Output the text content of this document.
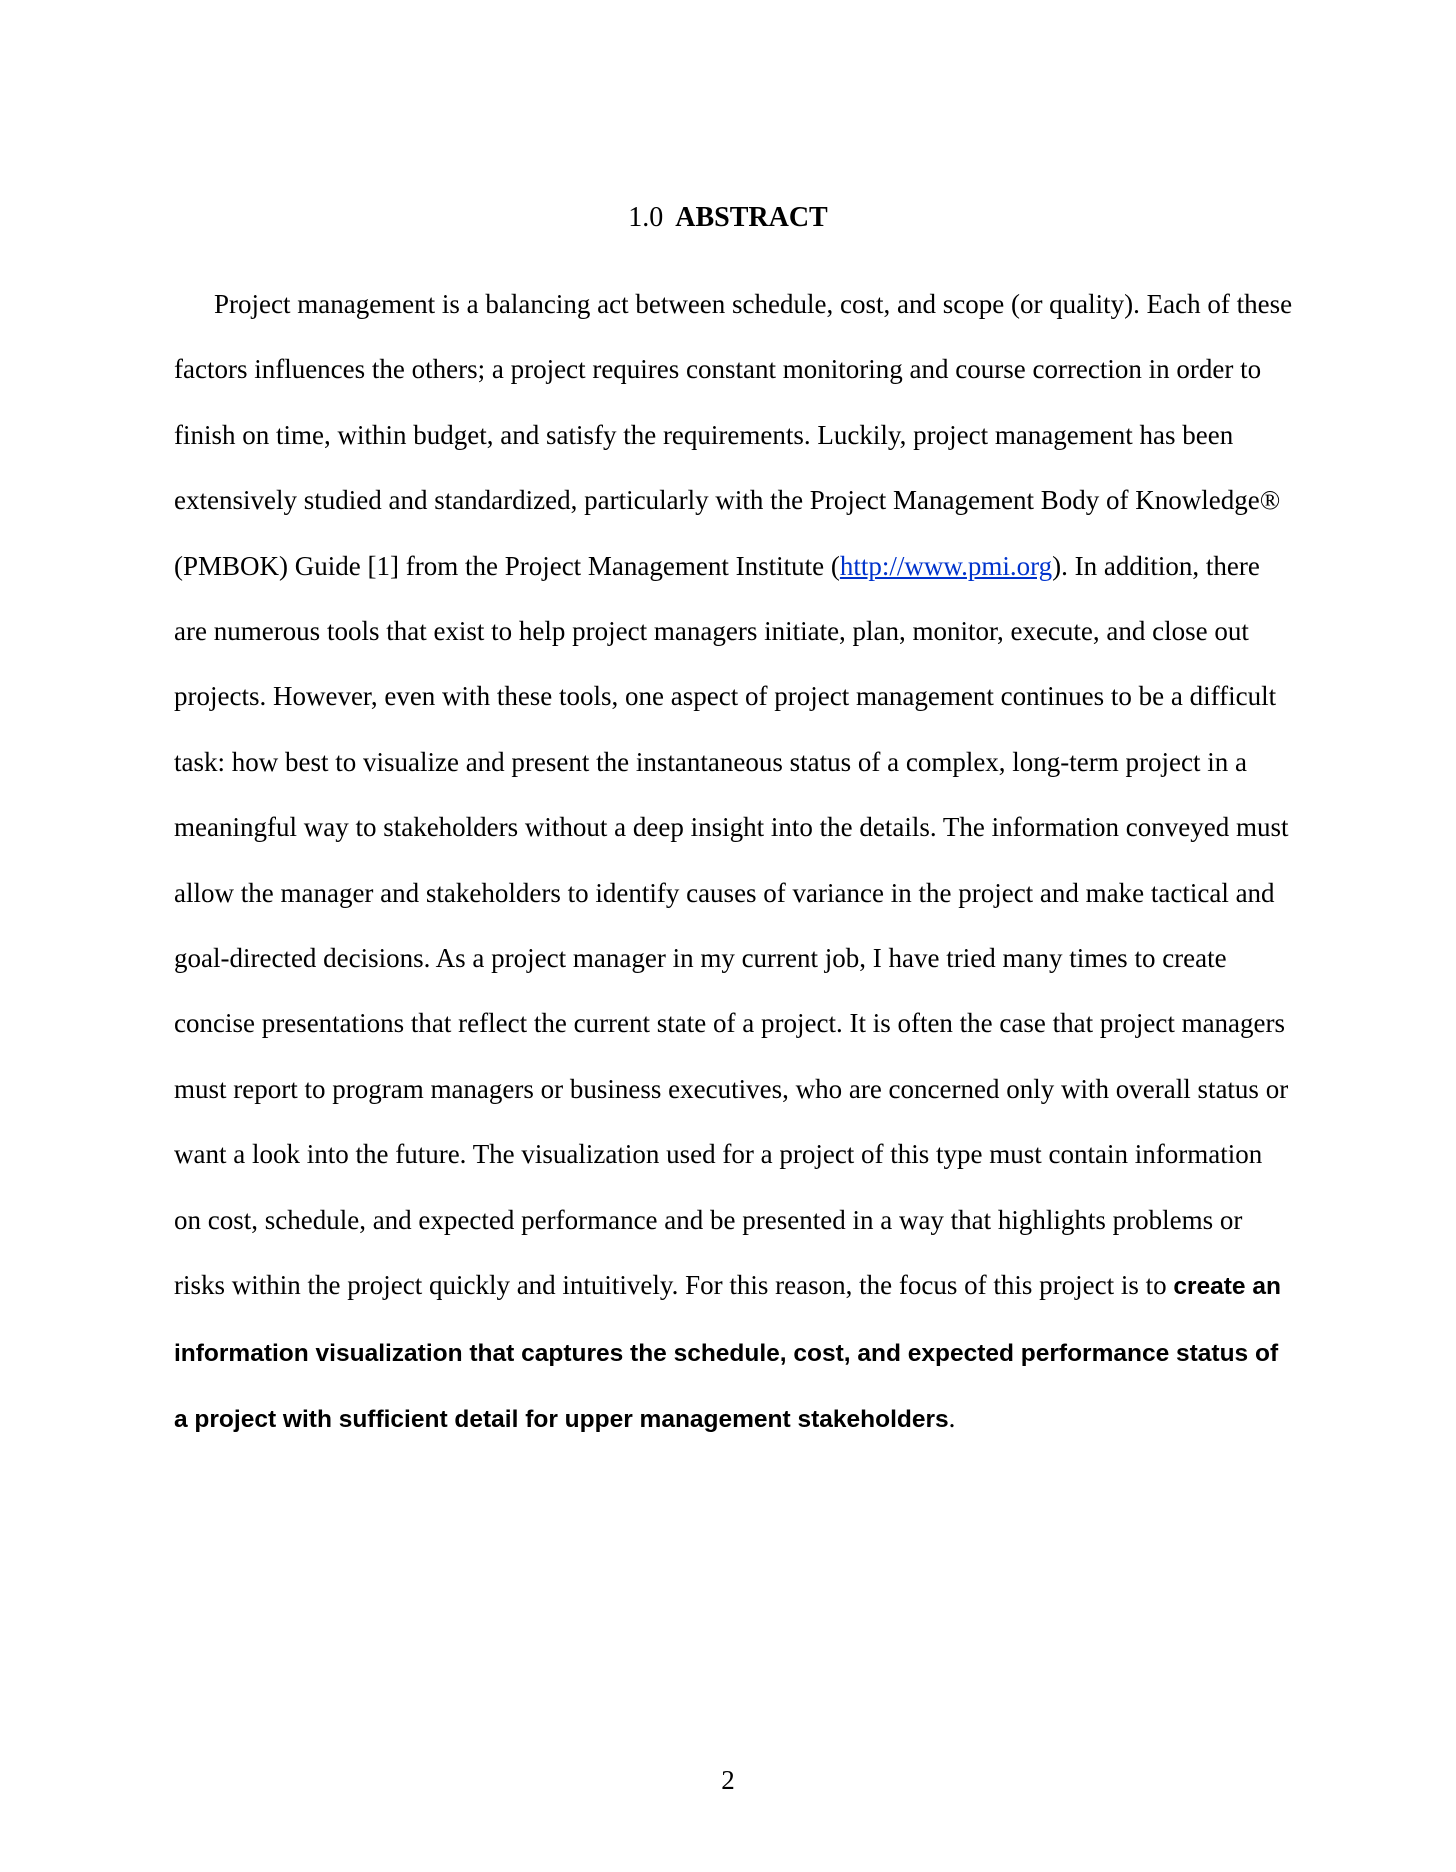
1.0 ABSTRACT

Project management is a balancing act between schedule, cost, and scope (or quality). Each of these factors influences the others; a project requires constant monitoring and course correction in order to finish on time, within budget, and satisfy the requirements. Luckily, project management has been extensively studied and standardized, particularly with the Project Management Body of Knowledge® (PMBOK) Guide [1] from the Project Management Institute (http://www.pmi.org). In addition, there are numerous tools that exist to help project managers initiate, plan, monitor, execute, and close out projects. However, even with these tools, one aspect of project management continues to be a difficult task: how best to visualize and present the instantaneous status of a complex, long-term project in a meaningful way to stakeholders without a deep insight into the details. The information conveyed must allow the manager and stakeholders to identify causes of variance in the project and make tactical and goal-directed decisions. As a project manager in my current job, I have tried many times to create concise presentations that reflect the current state of a project. It is often the case that project managers must report to program managers or business executives, who are concerned only with overall status or want a look into the future. The visualization used for a project of this type must contain information on cost, schedule, and expected performance and be presented in a way that highlights problems or risks within the project quickly and intuitively. For this reason, the focus of this project is to create an information visualization that captures the schedule, cost, and expected performance status of a project with sufficient detail for upper management stakeholders.

2
